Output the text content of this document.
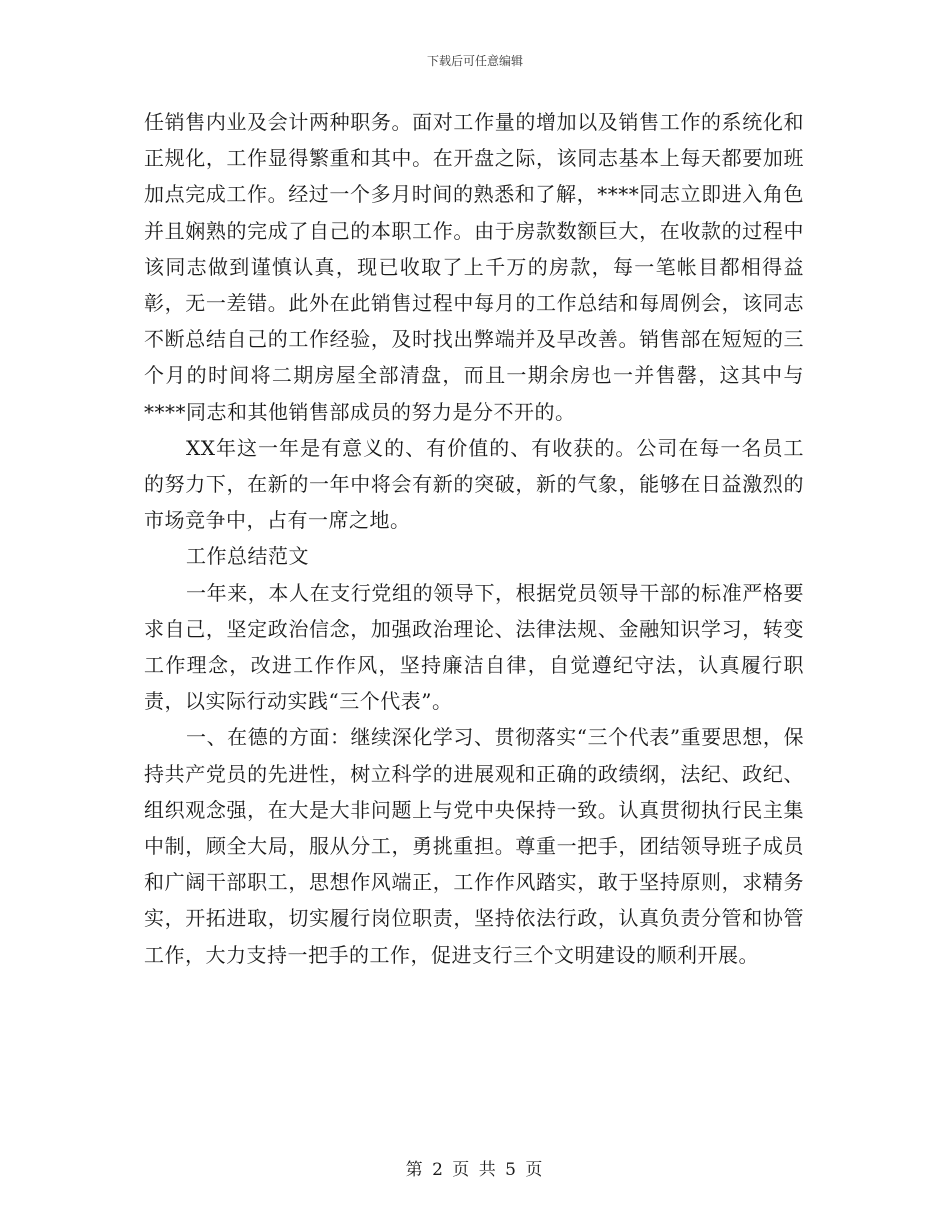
下载后可任意编辑

任销售内业及会计两种职务。面对工作量的增加以及销售工作的系统化和正规化，工作显得繁重和其中。在开盘之际，该同志基本上每天都要加班加点完成工作。经过一个多月时间的熟悉和了解，****同志立即进入角色并且娴熟的完成了自己的本职工作。由于房款数额巨大，在收款的过程中该同志做到谨慎认真，现已收取了上千万的房款，每一笔帐目都相得益彰，无一差错。此外在此销售过程中每月的工作总结和每周例会，该同志不断总结自己的工作经验，及时找出弊端并及早改善。销售部在短短的三个月的时间将二期房屋全部清盘，而且一期余房也一并售罄，这其中与****同志和其他销售部成员的努力是分不开的。

XX年这一年是有意义的、有价值的、有收获的。公司在每一名员工的努力下，在新的一年中将会有新的突破，新的气象，能够在日益激烈的市场竞争中，占有一席之地。

工作总结范文

一年来，本人在支行党组的领导下，根据党员领导干部的标准严格要求自己，坚定政治信念，加强政治理论、法律法规、金融知识学习，转变工作理念，改进工作作风，坚持廉洁自律，自觉遵纪守法，认真履行职责，以实际行动实践“三个代表”。

一、在德的方面：继续深化学习、贯彻落实“三个代表”重要思想，保持共产党员的先进性，树立科学的进展观和正确的政绩纲，法纪、政纪、组织观念强，在大是大非问题上与党中央保持一致。认真贯彻执行民主集中制，顾全大局，服从分工，勇挑重担。尊重一把手，团结领导班子成员和广阔干部职工，思想作风端正，工作作风踏实，敢于坚持原则，求精务实，开拓进取，切实履行岗位职责，坚持依法行政，认真负责分管和协管工作，大力支持一把手的工作，促进支行三个文明建设的顺利开展。

第 2 页 共 5 页
